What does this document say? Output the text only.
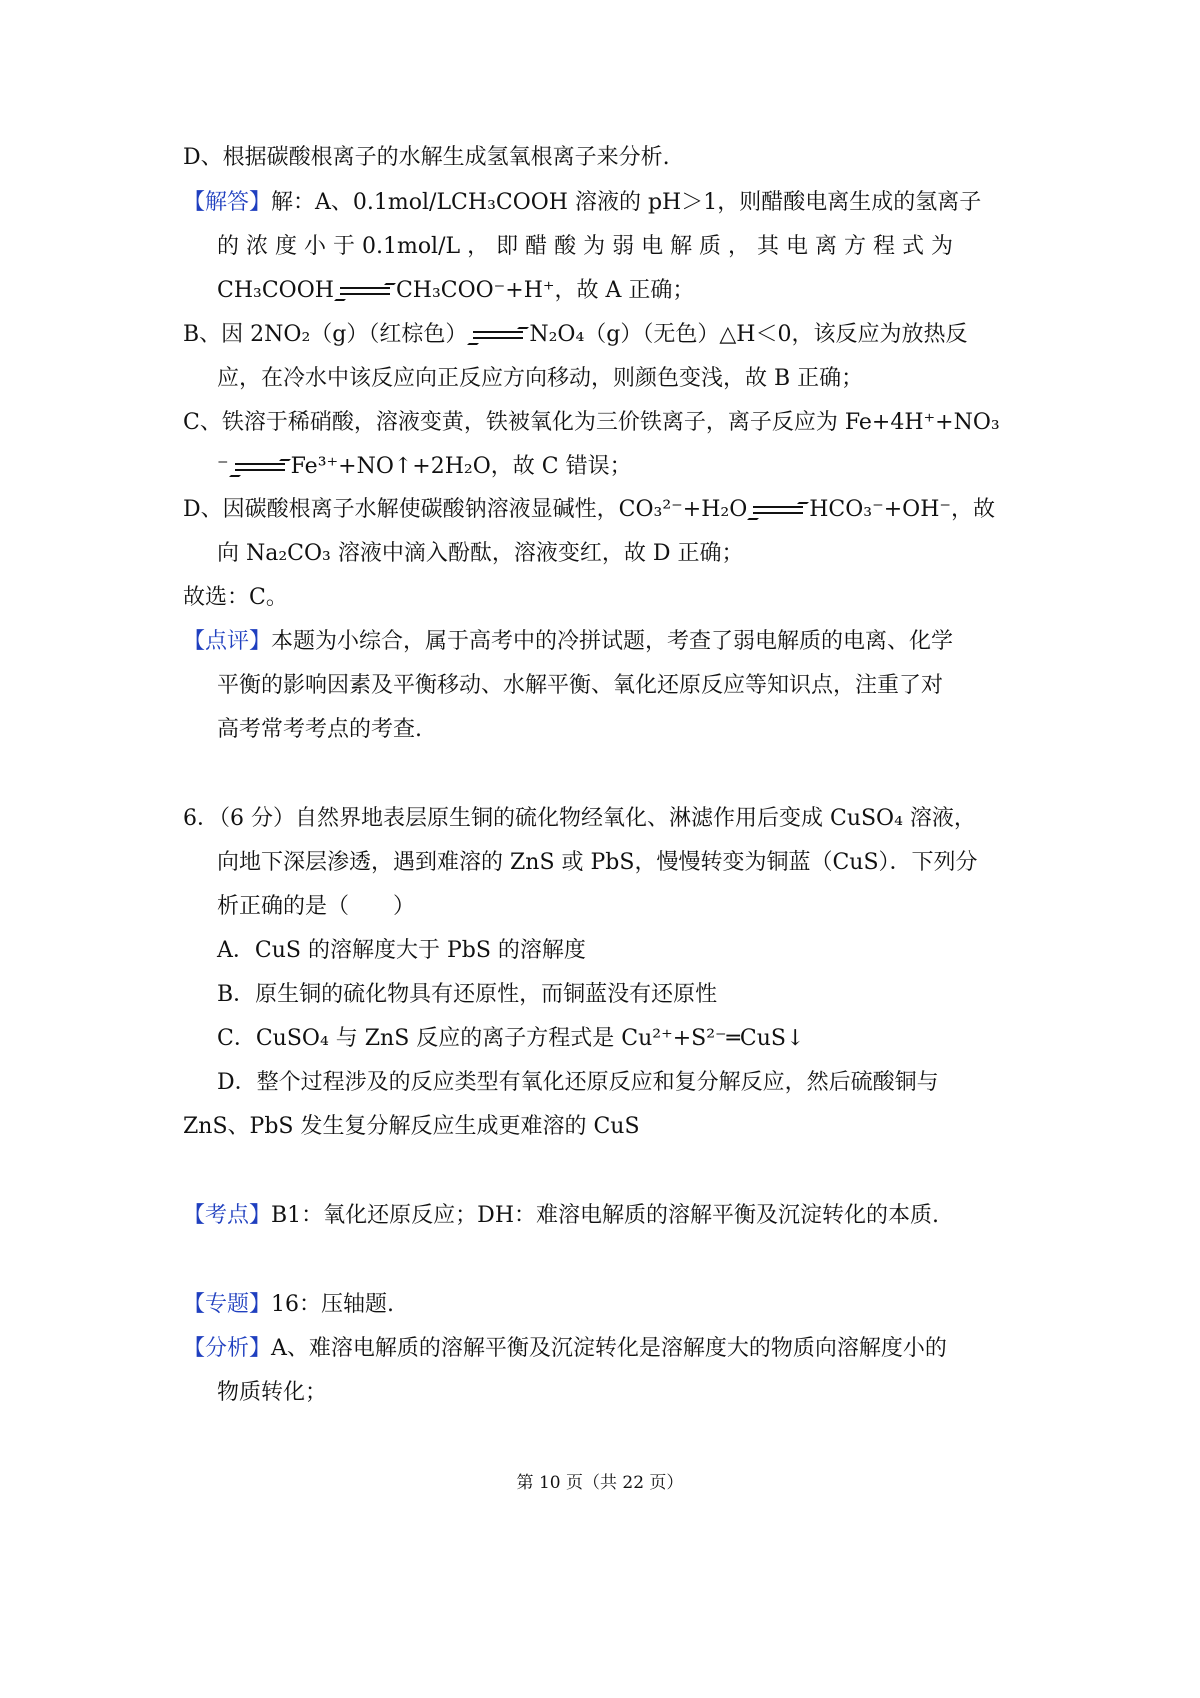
D、根据碳酸根离子的水解生成氢氧根离子来分析.
【解答】解：A、0.1mol/LCH₃COOH 溶液的 pH＞1，则醋酸电离生成的氢离子
的 浓 度 小 于 0.1mol/L ， 即 醋 酸 为 弱 电 解 质 ， 其 电 离 方 程 式 为
CH₃COOH → CH₃COO⁻+H⁺，故 A 正确；
B、因 2NO₂（g）（红棕色） → N₂O₄（g）（无色）△H＜0，该反应为放热反
应，在冷水中该反应向正反应方向移动，则颜色变浅，故 B 正确；
C、铁溶于稀硝酸，溶液变黄，铁被氧化为三价铁离子，离子反应为 Fe+4H⁺+NO₃
⁻ → Fe³⁺+NO↑+2H₂O，故 C 错误；
D、因碳酸根离子水解使碳酸钠溶液显碱性，CO₃²⁻+H₂O → HCO₃⁻+OH⁻，故
向 Na₂CO₃ 溶液中滴入酚酞，溶液变红，故 D 正确；
故选：C。
【点评】本题为小综合，属于高考中的冷拼试题，考查了弱电解质的电离、化学
平衡的影响因素及平衡移动、水解平衡、氧化还原反应等知识点，注重了对
高考常考考点的考查.
6．（6 分）自然界地表层原生铜的硫化物经氧化、淋滤作用后变成 CuSO₄ 溶液，
向地下深层渗透，遇到难溶的 ZnS 或 PbS，慢慢转变为铜蓝（CuS）．下列分
析正确的是（　　）
A．CuS 的溶解度大于 PbS 的溶解度
B．原生铜的硫化物具有还原性，而铜蓝没有还原性
C．CuSO₄ 与 ZnS 反应的离子方程式是 Cu²⁺+S²⁻═CuS↓
D．整个过程涉及的反应类型有氧化还原反应和复分解反应，然后硫酸铜与
ZnS、PbS 发生复分解反应生成更难溶的 CuS
【考点】B1：氧化还原反应；DH：难溶电解质的溶解平衡及沉淀转化的本质.
【专题】16：压轴题.
【分析】A、难溶电解质的溶解平衡及沉淀转化是溶解度大的物质向溶解度小的
物质转化；
第 10 页（共 22 页）
